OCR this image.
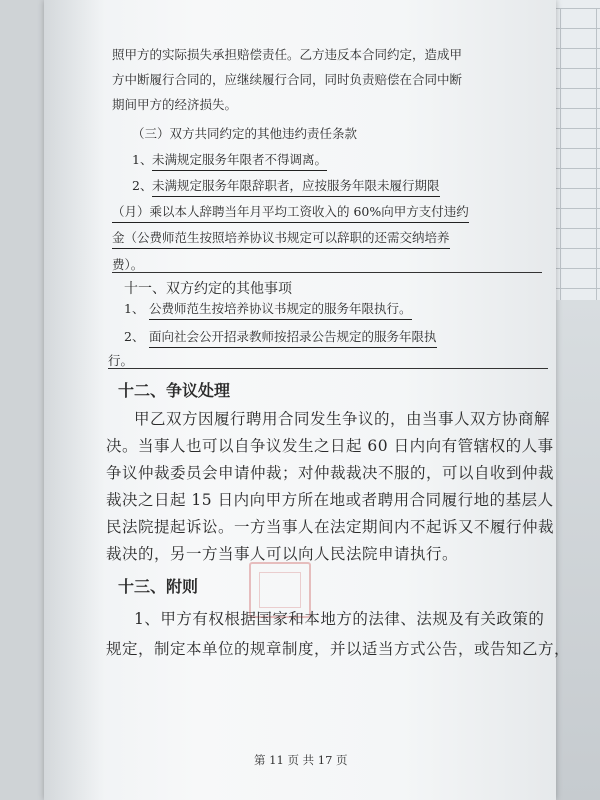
照甲方的实际损失承担赔偿责任。乙方违反本合同约定，造成甲
方中断履行合同的，应继续履行合同，同时负责赔偿在合同中断
期间甲方的经济损失。
（三）双方共同约定的其他违约责任条款
1、 未满规定服务年限者不得调离。
2、 未满规定服务年限辞职者，应按服务年限未履行期限
（月）乘以本人辞聘当年月平均工资收入的 60%向甲方支付违约
金（公费师范生按照培养协议书规定可以辞职的还需交纳培养
费）。
十一、双方约定的其他事项
1、 公费师范生按培养协议书规定的服务年限执行。
2、 面向社会公开招录教师按招录公告规定的服务年限执
行。
十二、争议处理
甲乙双方因履行聘用合同发生争议的，由当事人双方协商解
决。当事人也可以自争议发生之日起 60 日内向有管辖权的人事
争议仲裁委员会申请仲裁；对仲裁裁决不服的，可以自收到仲裁
裁决之日起 15 日内向甲方所在地或者聘用合同履行地的基层人
民法院提起诉讼。一方当事人在法定期间内不起诉又不履行仲裁
裁决的，另一方当事人可以向人民法院申请执行。
十三、附则
1、甲方有权根据国家和本地方的法律、法规及有关政策的
规定，制定本单位的规章制度，并以适当方式公告，或告知乙方，
第 11 页 共 17 页
